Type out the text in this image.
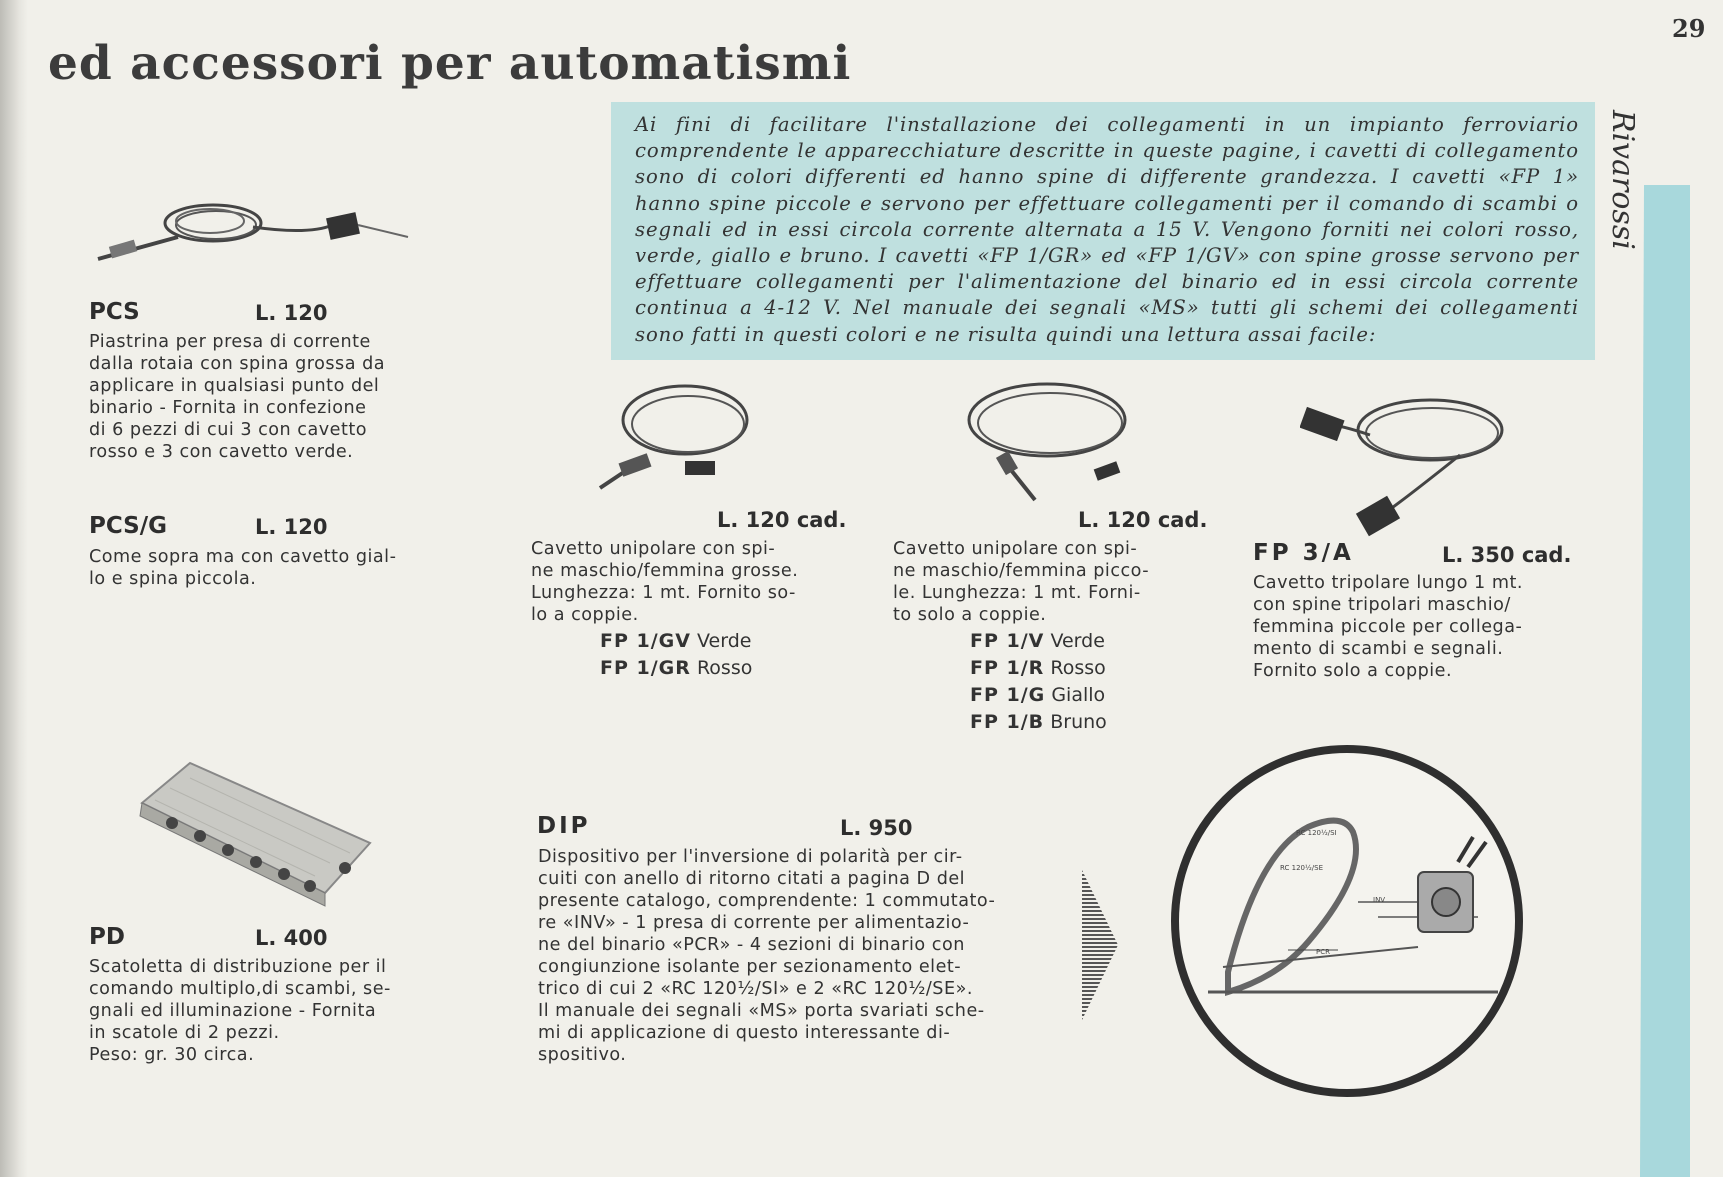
ed accessori per automatismi
29
Rivarossi
Ai fini di facilitare l'installazione dei collegamenti in un impianto ferroviario comprendente le apparecchiature descritte in queste pagine, i cavetti di collegamento sono di colori differenti ed hanno spine di differente grandezza. I cavetti «FP 1» hanno spine piccole e servono per effettuare collegamenti per il comando di scambi o segnali ed in essi circola corrente alternata a 15 V. Vengono forniti nei colori rosso, verde, giallo e bruno. I cavetti «FP 1/GR» ed «FP 1/GV» con spine grosse servono per effettuare collegamenti per l'alimentazione del binario ed in essi circola corrente continua a 4-12 V. Nel manuale dei segnali «MS» tutti gli schemi dei collegamenti sono fatti in questi colori e ne risulta quindi una lettura assai facile:
PCS	L. 120

Piastrina per presa di corrente

dalla rotaia con spina grossa da

applicare in qualsiasi punto del

binario - Fornita in confezione

di 6 pezzi di cui 3 con cavetto

rosso e 3 con cavetto verde.

PCS/G	L. 120

Come sopra ma con cavetto gial-

lo e spina piccola.

PD	L. 400

Scatoletta di distribuzione per il

comando multiplo,di scambi, se-

gnali ed illuminazione - Fornita

in scatole di 2 pezzi.

Peso: gr. 30 circa.

L. 120 cad.

Cavetto unipolare con spi-

ne maschio/femmina grosse.

Lunghezza: 1 mt. Fornito so-

lo a coppie.

FP 1/GV Verde
FP 1/GR Rosso
L. 120 cad.

Cavetto unipolare con spi-

ne maschio/femmina picco-

le. Lunghezza: 1 mt. Forni-

to solo a coppie.

FP 1/V Verde
FP 1/R Rosso
FP 1/G Giallo
FP 1/B Bruno
FP 3/A	L. 350 cad.

Cavetto tripolare lungo 1 mt.

con spine tripolari maschio/

femmina piccole per collega-

mento di scambi e segnali.

Fornito solo a coppie.

DIP	L. 950

Dispositivo per l'inversione di polarità per cir-

cuiti con anello di ritorno citati a pagina D del

presente catalogo, comprendente: 1 commutato-

re «INV» - 1 presa di corrente per alimentazio-

ne del binario «PCR» - 4 sezioni di binario con

congiunzione isolante per sezionamento elet-

trico di cui 2 «RC 120½/SI» e 2 «RC 120½/SE».

Il manuale dei segnali «MS» porta svariati sche-

mi di applicazione di questo interessante di-

spositivo.

RC 120½/SI
RC 120½/SE
INV
PCR
